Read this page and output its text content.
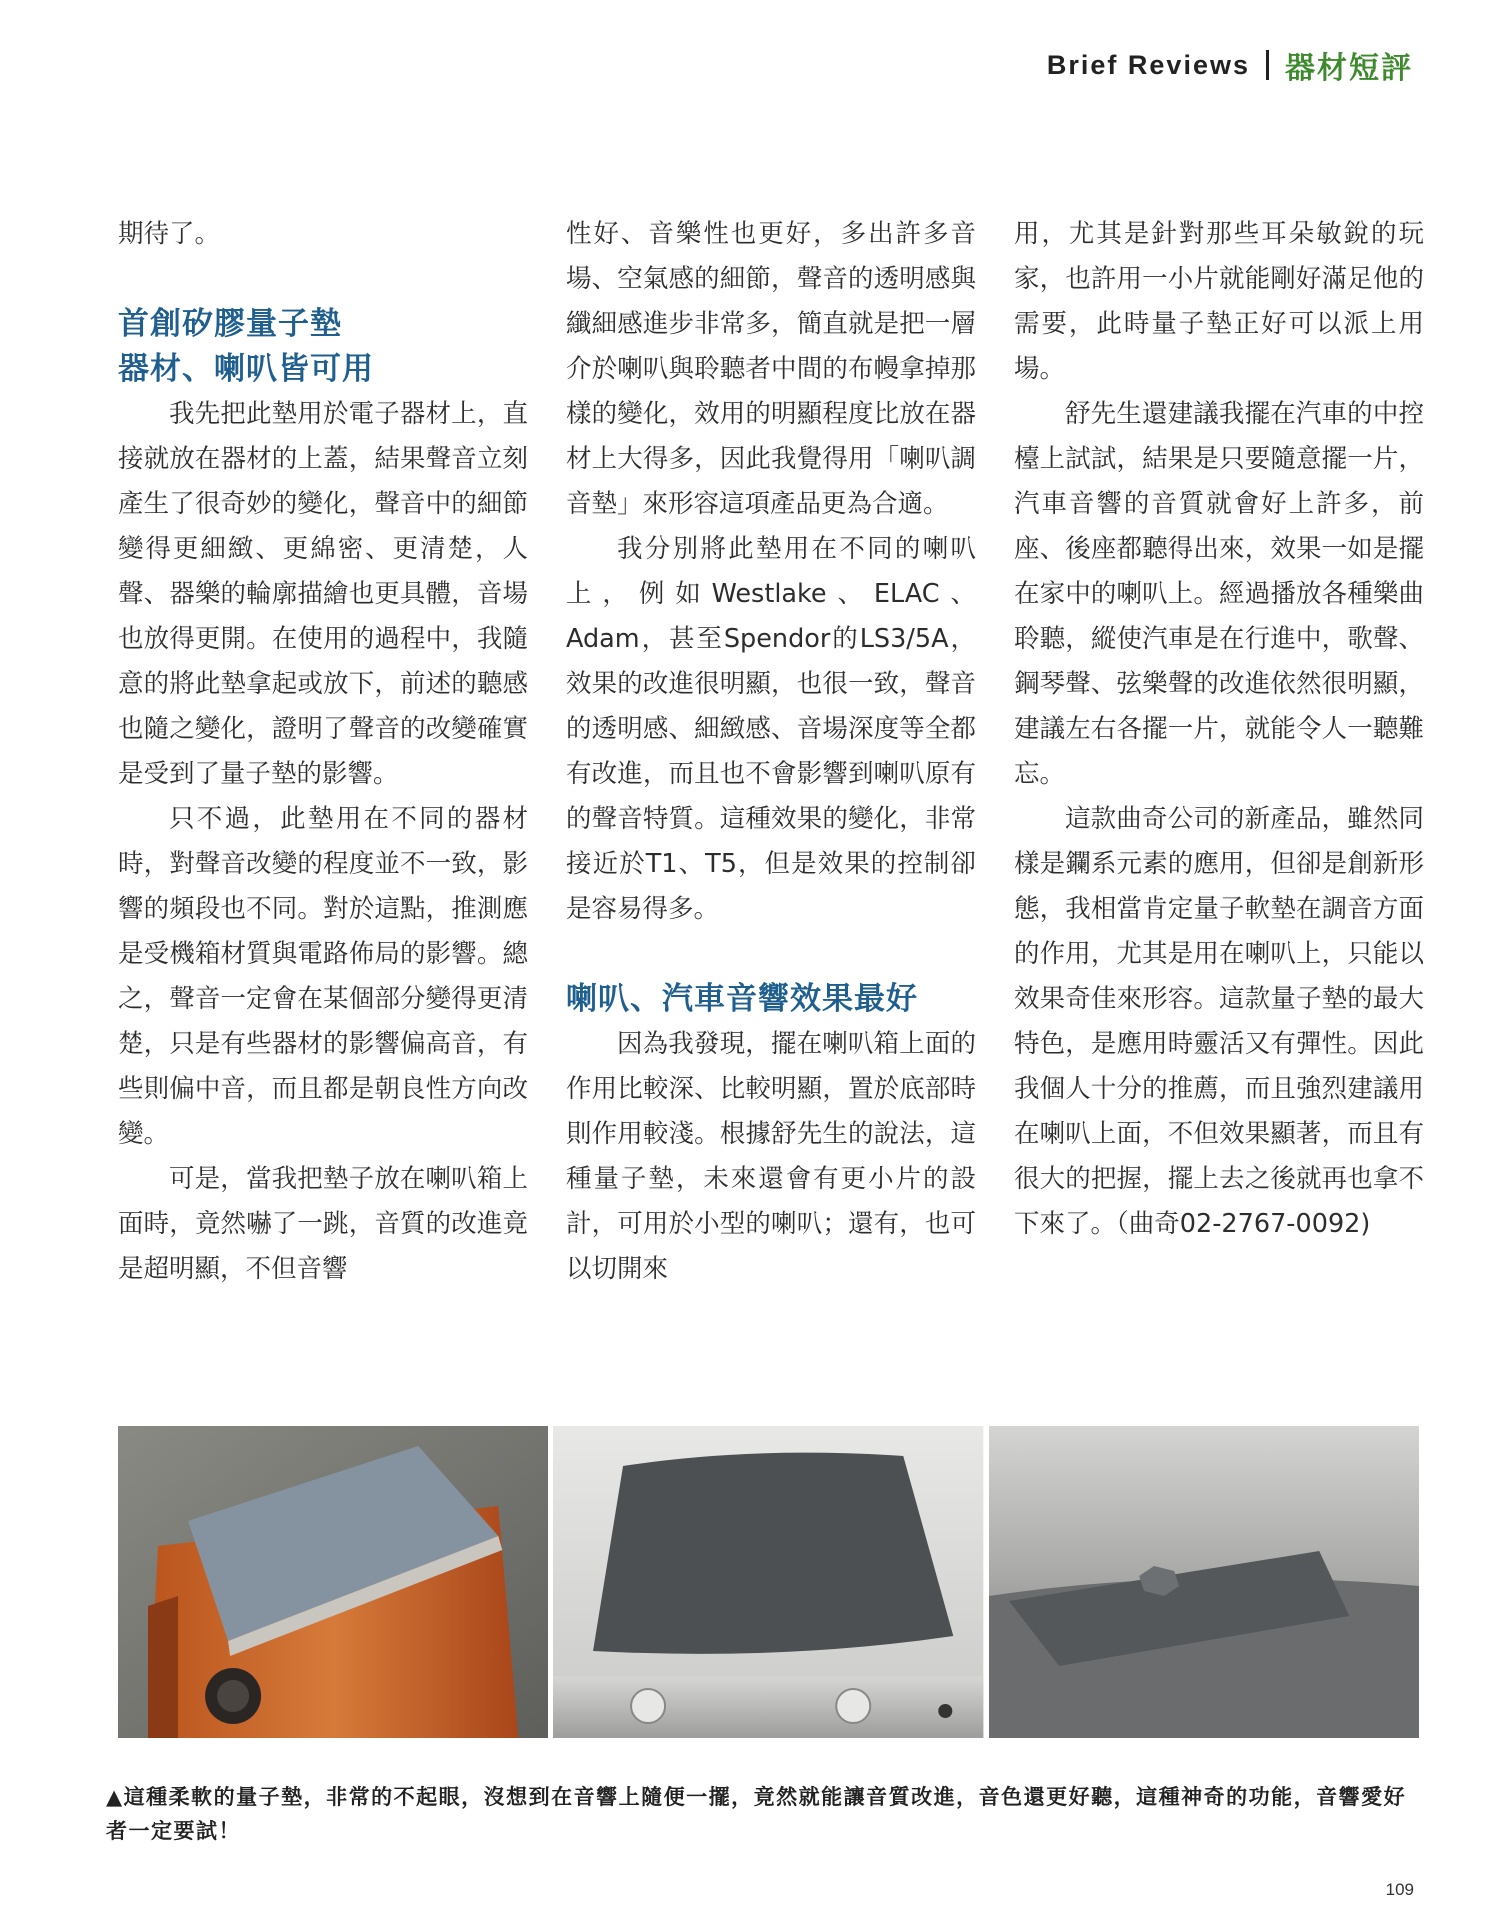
Brief Reviews 器材短評

期待了。

首創矽膠量子墊
器材、喇叭皆可用

我先把此墊用於電子器材上，直接就放在器材的上蓋，結果聲音立刻產生了很奇妙的變化，聲音中的細節變得更細緻、更綿密、更清楚，人聲、器樂的輪廓描繪也更具體，音場也放得更開。在使用的過程中，我隨意的將此墊拿起或放下，前述的聽感也隨之變化，證明了聲音的改變確實是受到了量子墊的影響。

只不過，此墊用在不同的器材時，對聲音改變的程度並不一致，影響的頻段也不同。對於這點，推測應是受機箱材質與電路佈局的影響。總之，聲音一定會在某個部分變得更清楚，只是有些器材的影響偏高音，有些則偏中音，而且都是朝良性方向改變。

可是，當我把墊子放在喇叭箱上面時，竟然嚇了一跳，音質的改進竟是超明顯，不但音響

性好、音樂性也更好，多出許多音場、空氣感的細節，聲音的透明感與纖細感進步非常多，簡直就是把一層介於喇叭與聆聽者中間的布幔拿掉那樣的變化，效用的明顯程度比放在器材上大得多，因此我覺得用「喇叭調音墊」來形容這項產品更為合適。

我分別將此墊用在不同的喇叭上，例如Westlake、ELAC、Adam，甚至Spendor的LS3/5A，效果的改進很明顯，也很一致，聲音的透明感、細緻感、音場深度等全都有改進，而且也不會影響到喇叭原有的聲音特質。這種效果的變化，非常接近於T1、T5，但是效果的控制卻是容易得多。

喇叭、汽車音響效果最好

因為我發現，擺在喇叭箱上面的作用比較深、比較明顯，置於底部時則作用較淺。根據舒先生的說法，這種量子墊，未來還會有更小片的設計，可用於小型的喇叭；還有，也可以切開來

用，尤其是針對那些耳朵敏銳的玩家，也許用一小片就能剛好滿足他的需要，此時量子墊正好可以派上用場。

舒先生還建議我擺在汽車的中控檯上試試，結果是只要隨意擺一片，汽車音響的音質就會好上許多，前座、後座都聽得出來，效果一如是擺在家中的喇叭上。經過播放各種樂曲聆聽，縱使汽車是在行進中，歌聲、鋼琴聲、弦樂聲的改進依然很明顯，建議左右各擺一片，就能令人一聽難忘。

這款曲奇公司的新產品，雖然同樣是鑭系元素的應用，但卻是創新形態，我相當肯定量子軟墊在調音方面的作用，尤其是用在喇叭上，只能以效果奇佳來形容。這款量子墊的最大特色，是應用時靈活又有彈性。因此我個人十分的推薦，而且強烈建議用在喇叭上面，不但效果顯著，而且有很大的把握，擺上去之後就再也拿不下來了。（曲奇02-2767-0092)

▲這種柔軟的量子墊，非常的不起眼，沒想到在音響上隨便一擺，竟然就能讓音質改進，音色還更好聽，這種神奇的功能，音響愛好者一定要試！
109
